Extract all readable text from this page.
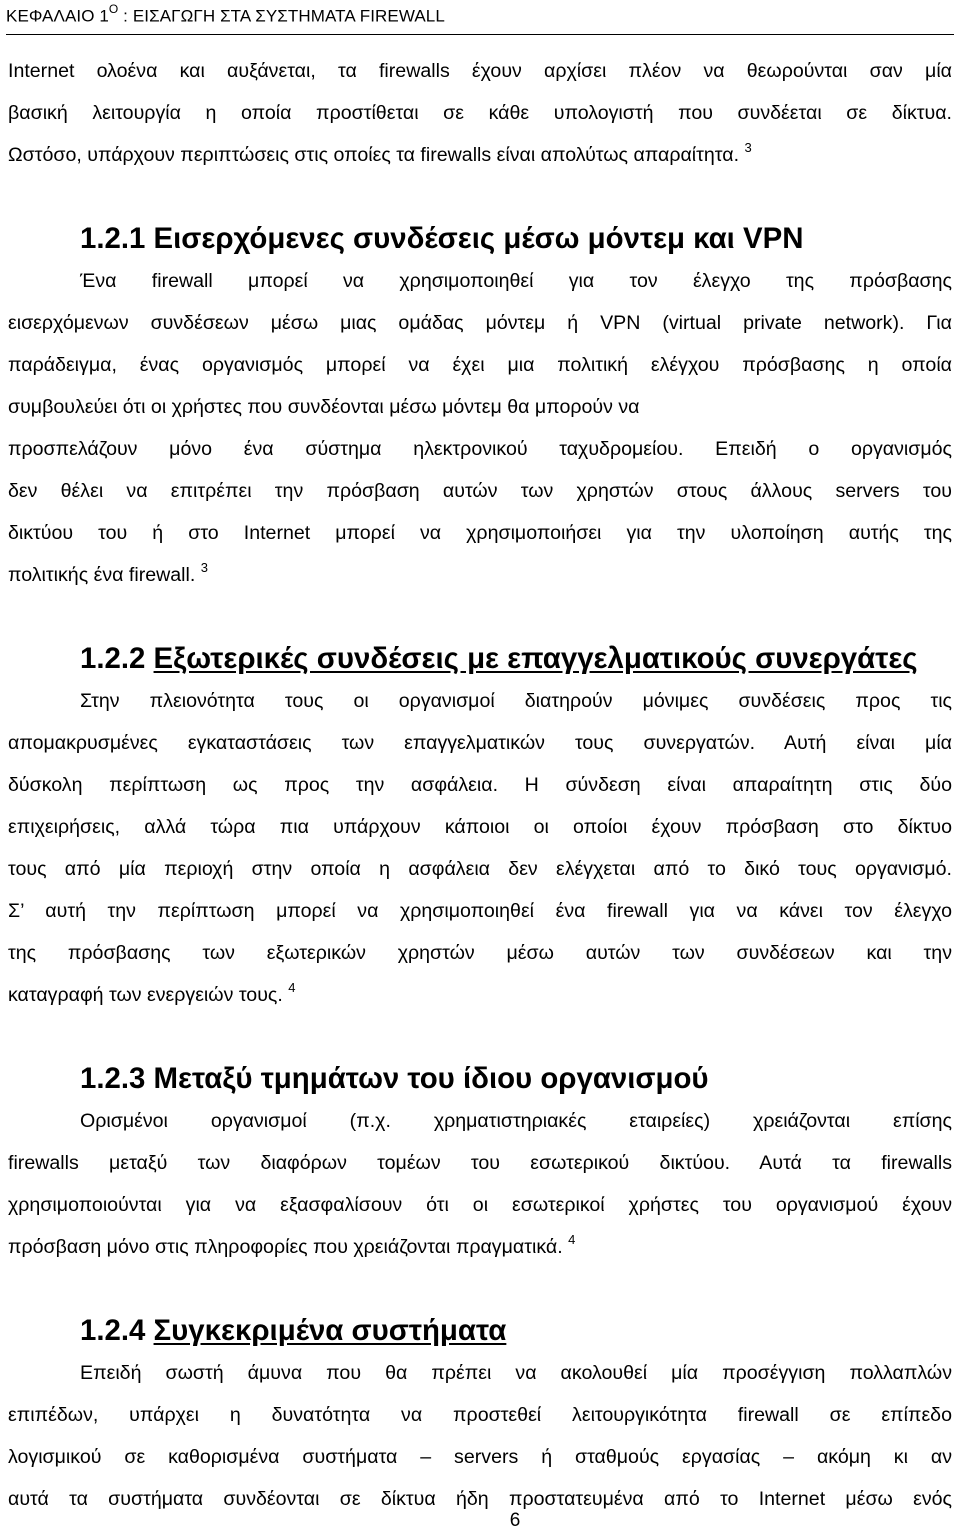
ΚΕΦΑΛΑΙΟ $1^O$ : ΕΙΣΑΓΩΓΗ ΣΤΑ ΣΥΣΤΗΜΑΤΑ FIREWALL

Internet ολοένα και αυξάνεται, τα firewalls έχουν αρχίσει πλέον να θεωρούνται σαν μία
βασική λειτουργία η οποία προστίθεται σε κάθε υπολογιστή που συνδέεται σε δίκτυα.
Ωστόσο, υπάρχουν περιπτώσεις στις οποίες τα firewalls είναι απολύτως απαραίτητα. $^3$

1.2.1 Εισερχόμενες συνδέσεις μέσω μόντεμ και VPN

Ένα firewall μπορεί να χρησιμοποιηθεί για τον έλεγχο της πρόσβασης
εισερχόμενων συνδέσεων μέσω μιας ομάδας μόντεμ ή VPN (virtual private network). Για
παράδειγμα, ένας οργανισμός μπορεί να έχει μια πολιτική ελέγχου πρόσβασης η οποία
συμβουλεύει ότι οι χρήστες που συνδέονται μέσω μόντεμ θα μπορούν να
προσπελάζουν μόνο ένα σύστημα ηλεκτρονικού ταχυδρομείου. Επειδή ο οργανισμός
δεν θέλει να επιτρέπει την πρόσβαση αυτών των χρηστών στους άλλους servers του
δικτύου του ή στο Internet μπορεί να χρησιμοποιήσει για την υλοποίηση αυτής της
πολιτικής ένα firewall. $^3$

1.2.2 Εξωτερικές συνδέσεις με επαγγελματικούς συνεργάτες

Στην πλειονότητα τους οι οργανισμοί διατηρούν μόνιμες συνδέσεις προς τις
απομακρυσμένες εγκαταστάσεις των επαγγελματικών τους συνεργατών. Αυτή είναι μία
δύσκολη περίπτωση ως προς την ασφάλεια. Η σύνδεση είναι απαραίτητη στις δύο
επιχειρήσεις, αλλά τώρα πια υπάρχουν κάποιοι οι οποίοι έχουν πρόσβαση στο δίκτυο
τους από μία περιοχή στην οποία η ασφάλεια δεν ελέγχεται από το δικό τους οργανισμό.
Σ’ αυτή την περίπτωση μπορεί να χρησιμοποιηθεί ένα firewall για να κάνει τον έλεγχο
της πρόσβασης των εξωτερικών χρηστών μέσω αυτών των συνδέσεων και την
καταγραφή των ενεργειών τους. $^4$

1.2.3 Μεταξύ τμημάτων του ίδιου οργανισμού

Ορισμένοι οργανισμοί (π.χ. χρηματιστηριακές εταιρείες) χρειάζονται επίσης
firewalls μεταξύ των διαφόρων τομέων του εσωτερικού δικτύου. Αυτά τα firewalls
χρησιμοποιούνται για να εξασφαλίσουν ότι οι εσωτερικοί χρήστες του οργανισμού έχουν
πρόσβαση μόνο στις πληροφορίες που χρειάζονται πραγματικά. $^4$

1.2.4 Συγκεκριμένα συστήματα

Επειδή σωστή άμυνα που θα πρέπει να ακολουθεί μία προσέγγιση πολλαπλών
επιπέδων, υπάρχει η δυνατότητα να προστεθεί λειτουργικότητα firewall σε επίπεδο
λογισμικού σε καθορισμένα συστήματα – servers ή σταθμούς εργασίας – ακόμη κι αν
αυτά τα συστήματα συνδέονται σε δίκτυα ήδη προστατευμένα από το Internet μέσω ενός

6
